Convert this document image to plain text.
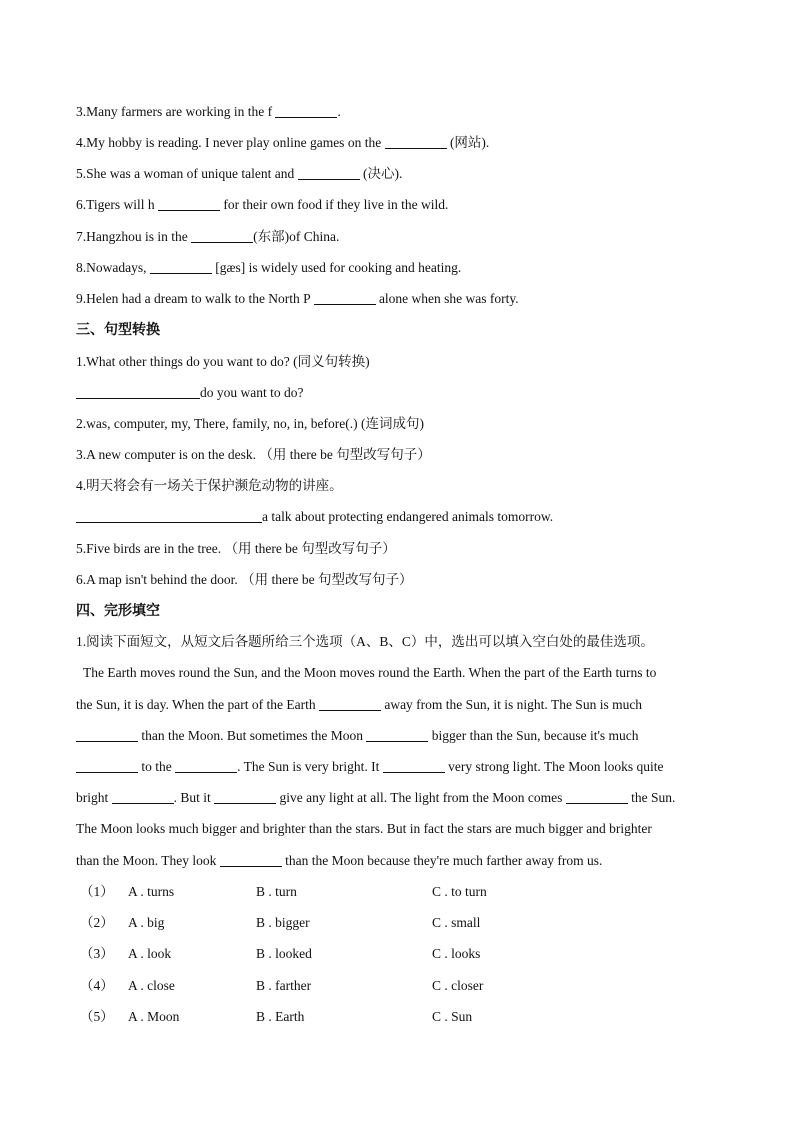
3.Many farmers are working in the f	.
4.My hobby is reading. I never play online games on the	(网站).
5.She was a woman of unique talent and	(决心).
6.Tigers will h	for their own food if they live in the wild.
7.Hangzhou is in the	(东部)of China.
8.Nowadays,	[gæs] is widely used for cooking and heating.
9.Helen had a dream to walk to the North P	alone when she was forty.
三、句型转换
1.What other things do you want to do? (同义句转换)
do you want to do?
2.was, computer, my, There, family, no, in, before(.) (连词成句)
3.A new computer is on the desk. （用 there be 句型改写句子）
4.明天将会有一场关于保护濒危动物的讲座。
a talk about protecting endangered animals tomorrow.
5.Five birds are in the tree. （用 there be 句型改写句子）
6.A map isn't behind the door. （用 there be 句型改写句子）
四、完形填空
1.阅读下面短文，从短文后各题所给三个选项（A、B、C）中，选出可以填入空白处的最佳选项。
The Earth moves round the Sun, and the Moon moves round the Earth. When the part of the Earth turns to
the Sun, it is day. When the part of the Earth	away from the Sun, it is night. The Sun is much
than the Moon. But sometimes the Moon	bigger than the Sun, because it's much
to the	. The Sun is very bright. It	very strong light. The Moon looks quite
bright	. But it	give any light at all. The light from the Moon comes	the Sun.
The Moon looks much bigger and brighter than the stars. But in fact the stars are much bigger and brighter
than the Moon. They look	than the Moon because they're much farther away from us.
（1） A . turns	B . turn	C . to turn
（2） A . big	B . bigger	C . small
（3） A . look	B . looked	C . looks
（4） A . close	B . farther	C . closer
（5） A . Moon	B . Earth	C . Sun
